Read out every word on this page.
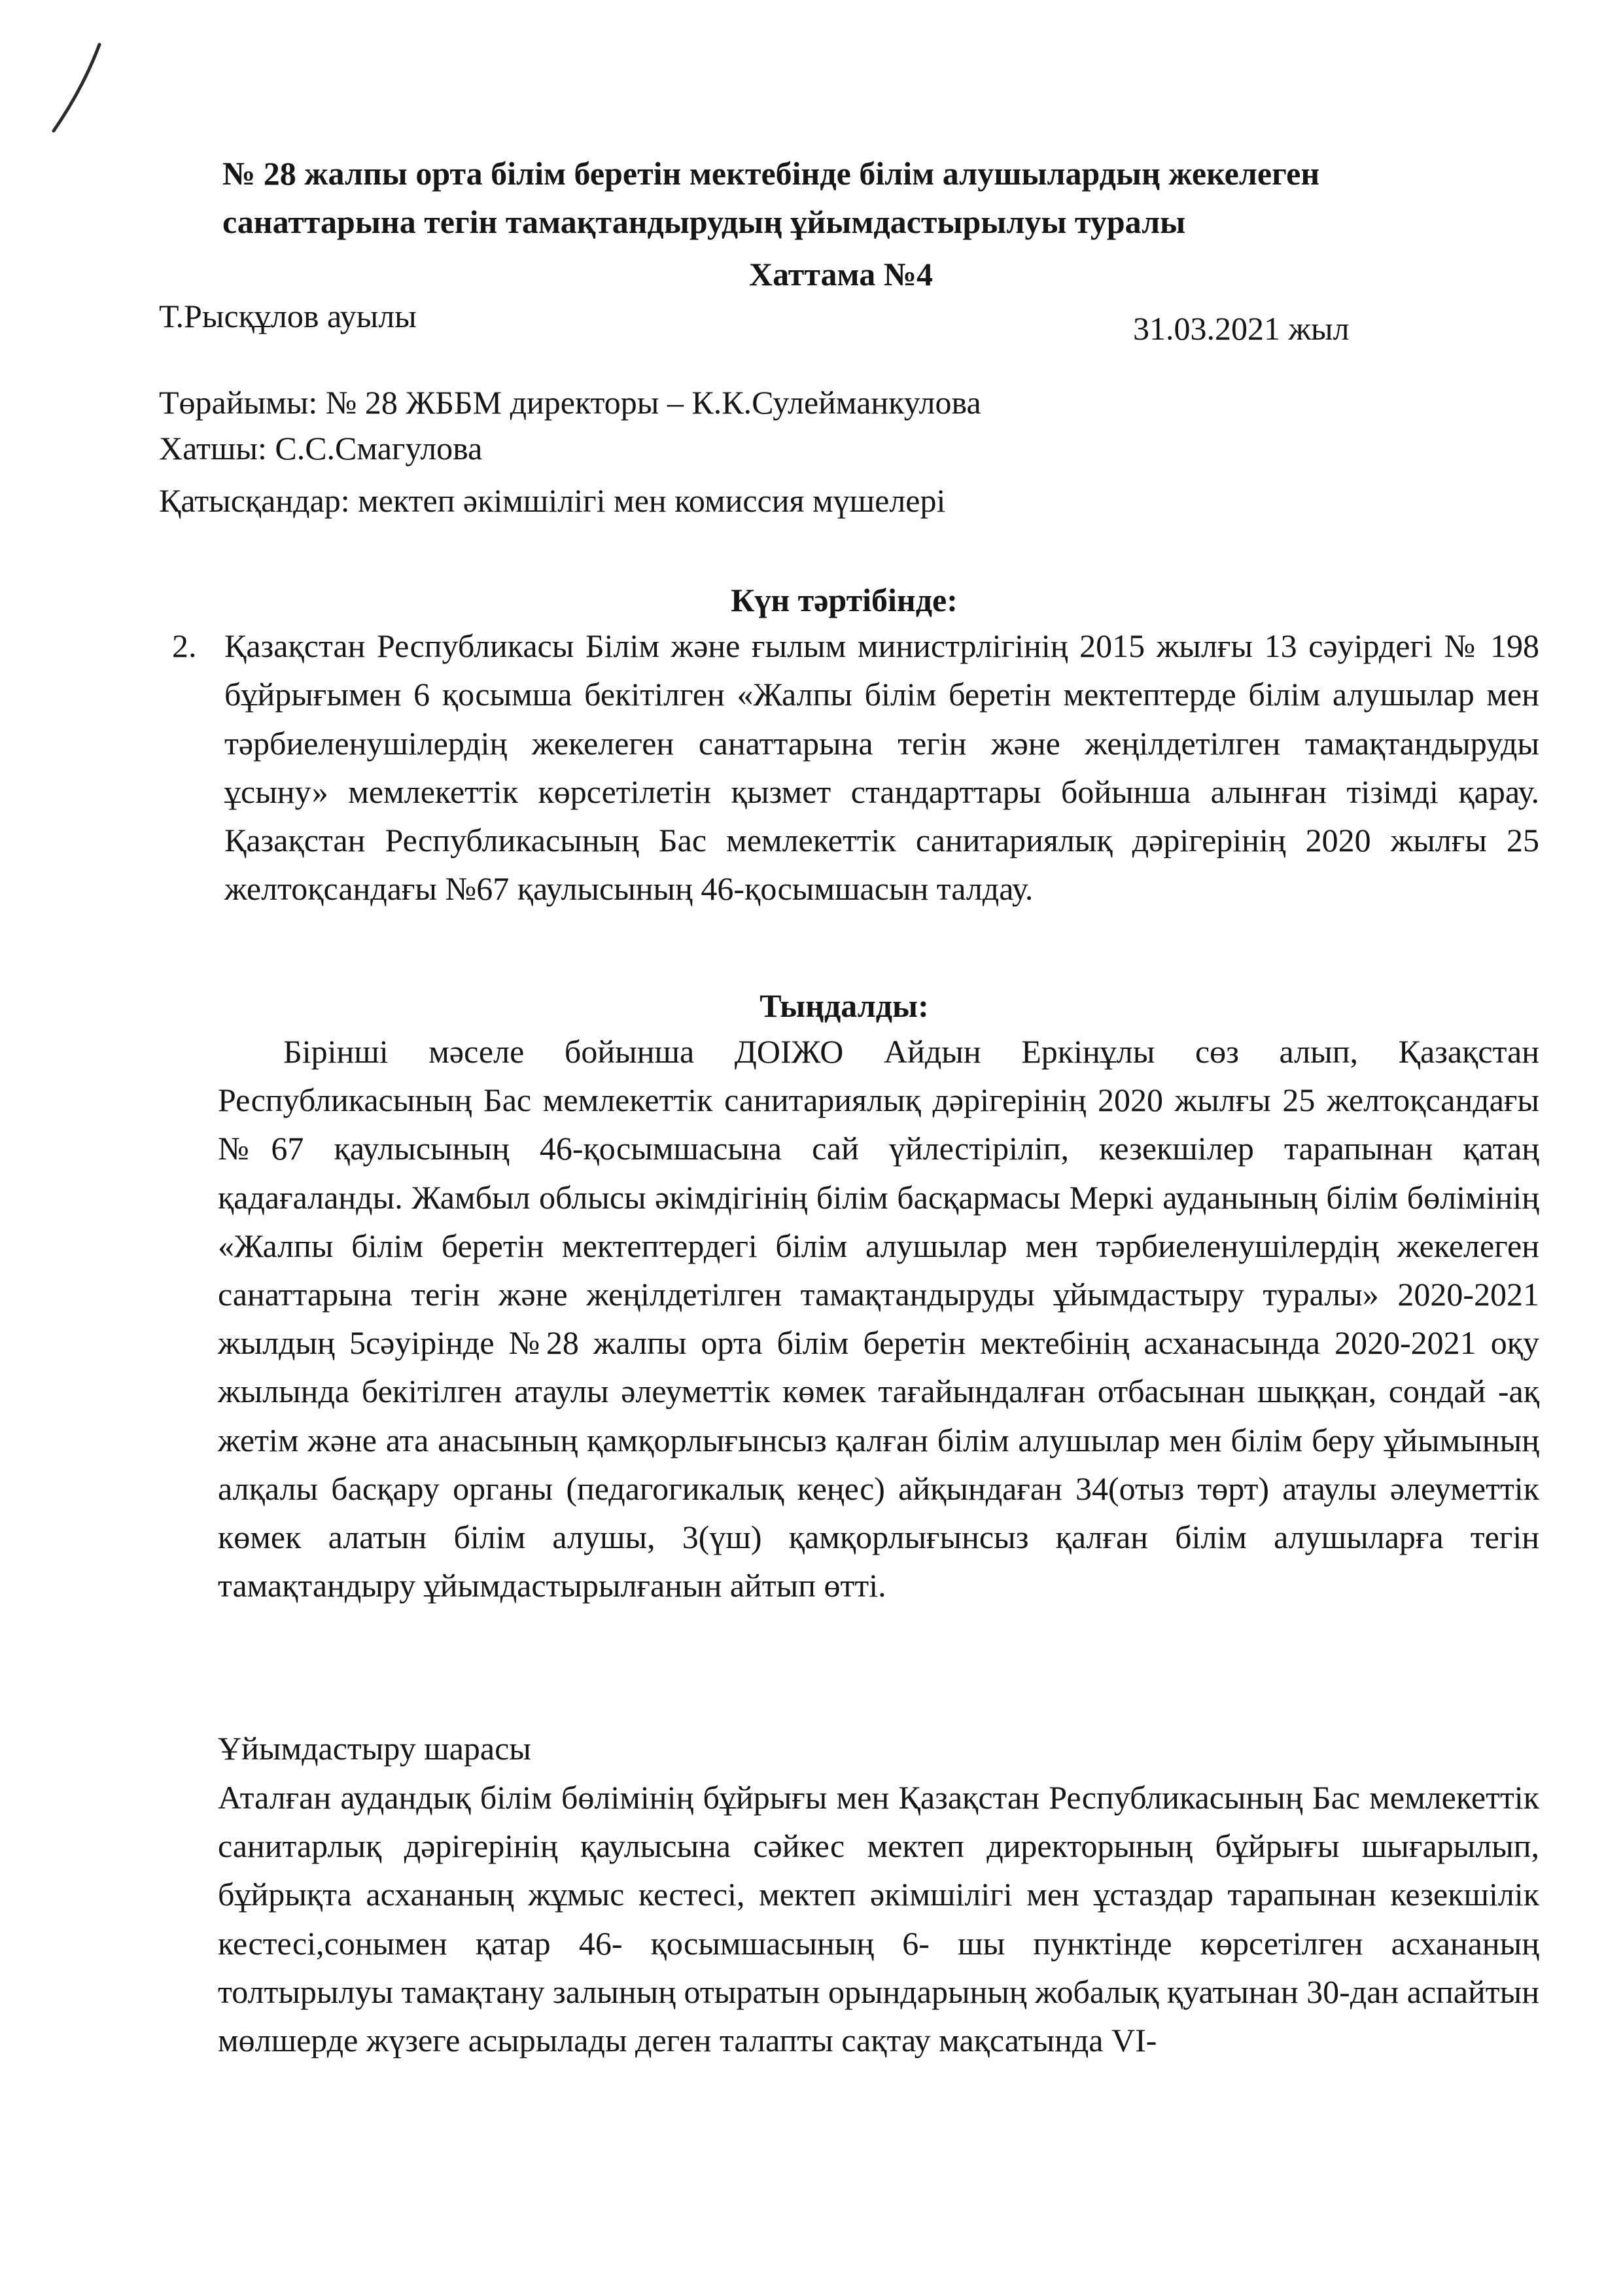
№ 28 жалпы орта білім беретін мектебінде білім алушылардың жекелеген
санаттарына тегін тамақтандырудың ұйымдастырылуы туралы
Хаттама №4
Т.Рысқұлов ауылы	31.03.2021 жыл
Төрайымы: № 28 ЖББМ директоры – К.К.Сулейманкулова
Хатшы: С.С.Смагулова
Қатысқандар: мектеп әкімшілігі мен комиссия мүшелері
Күн тәртібінде:
2. Қазақстан Республикасы Білім және ғылым министрлігінің 2015 жылғы 13 сәуірдегі № 198 бұйрығымен 6 қосымша бекітілген «Жалпы білім беретін мектептерде білім алушылар мен тәрбиеленушілердің жекелеген санаттарына тегін және жеңілдетілген тамақтандыруды ұсыну» мемлекеттік көрсетілетін қызмет стандарттары бойынша алынған тізімді қарау. Қазақстан Республикасының Бас мемлекеттік санитариялық дәрігерінің 2020 жылғы 25 желтоқсандағы №67 қаулысының 46-қосымшасын талдау.
Тыңдалды:

Бірінші мәселе бойынша ДОІЖО Айдын Еркінұлы сөз алып, Қазақстан Республикасының Бас мемлекеттік санитариялық дәрігерінің 2020 жылғы 25 желтоқсандағы №67 қаулысының 46-қосымшасына сай үйлестіріліп, кезекшілер тарапынан қатаң қадағаланды. Жамбыл облысы әкімдігінің білім басқармасы Меркі ауданының білім бөлімінің «Жалпы білім беретін мектептердегі білім алушылар мен тәрбиеленушілердің жекелеген санаттарына тегін және жеңілдетілген тамақтандыруды ұйымдастыру туралы» 2020-2021 жылдың 5сәуірінде №28 жалпы орта білім беретін мектебінің асханасында 2020-2021 оқу жылында бекітілген атаулы әлеуметтік көмек тағайындалған отбасынан шыққан, сондай -ақ жетім және ата анасының қамқорлығынсыз қалған білім алушылар мен білім беру ұйымының алқалы басқару органы (педагогикалық кеңес) айқындаған 34(отыз төрт) атаулы әлеуметтік көмек алатын білім алушы, 3(үш) қамқорлығынсыз қалған білім алушыларға тегін тамақтандыру ұйымдастырылғанын айтып өтті.

Ұйымдастыру шарасы

Аталған аудандық білім бөлімінің бұйрығы мен Қазақстан Республикасының Бас мемлекеттік санитарлық дәрігерінің қаулысына сәйкес мектеп директорының бұйрығы шығарылып, бұйрықта асхананың жұмыс кестесі, мектеп әкімшілігі мен ұстаздар тарапынан кезекшілік кестесі,сонымен қатар 46- қосымшасының 6- шы пунктінде көрсетілген асхананың толтырылуы тамақтану залының отыратын орындарының жобалық қуатынан 30-дан аспайтын мөлшерде жүзеге асырылады деген талапты сақтау мақсатында VI-
